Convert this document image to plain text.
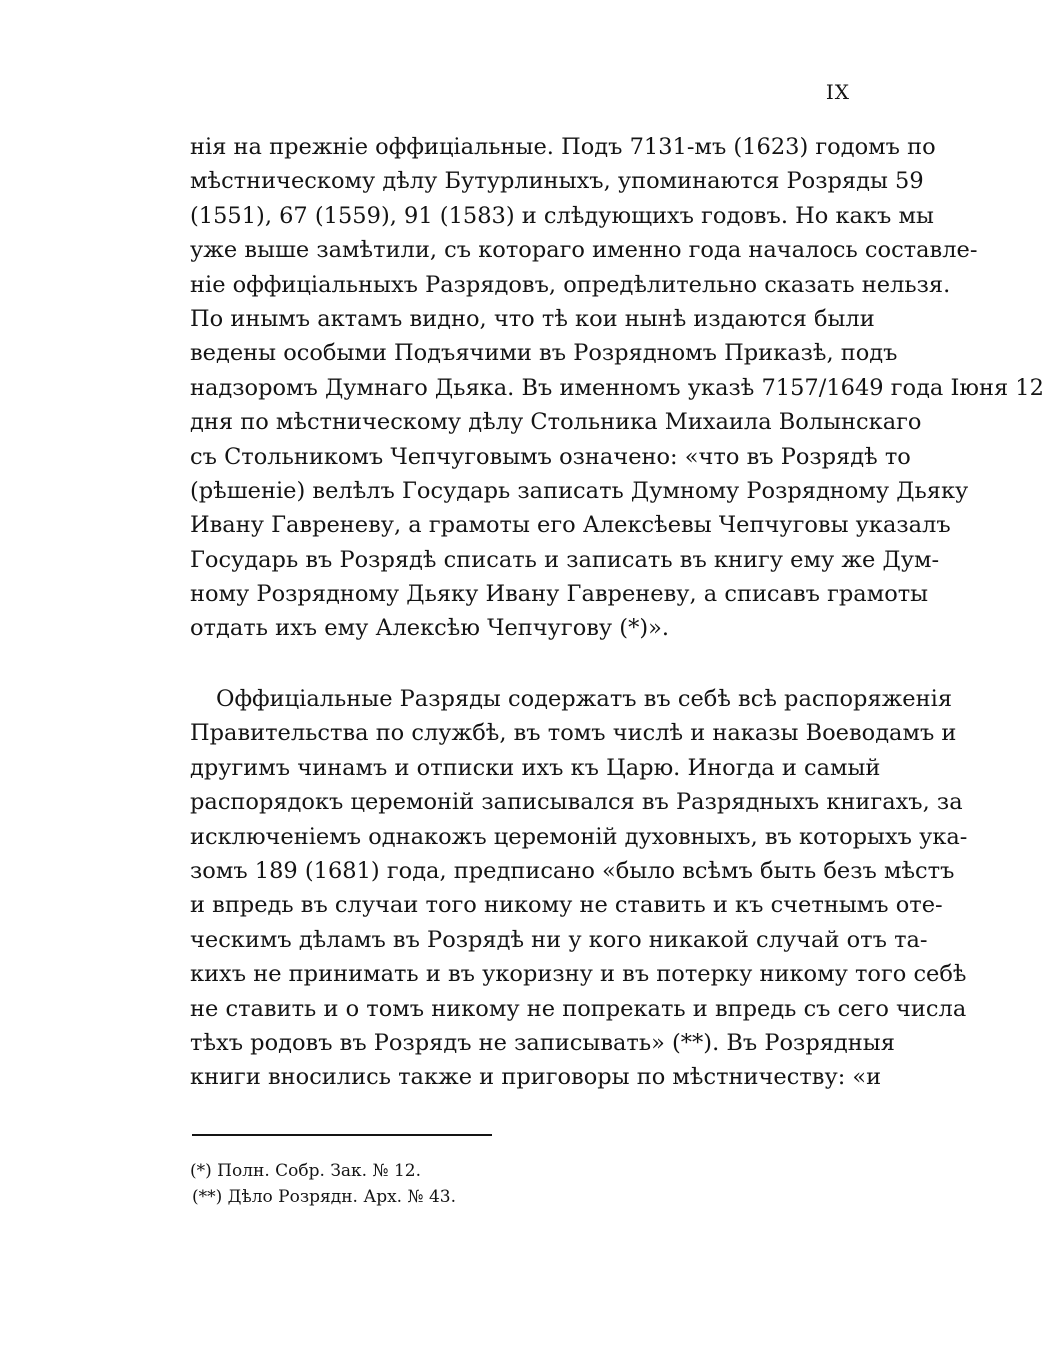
IX
нія на прежніе оффиціальные. Подъ 7131-мъ (1623) годомъ по
мѣстническому дѣлу Бутурлиныхъ, упоминаются Розряды 59
(1551), 67 (1559), 91 (1583) и слѣдующихъ годовъ. Но какъ мы
уже выше замѣтили, съ котораго именно года началось составле-
ніе оффиціальныхъ Разрядовъ, опредѣлительно сказать нельзя.
По инымъ актамъ видно, что тѣ кои нынѣ издаются были
ведены особыми Подъячими въ Розрядномъ Приказѣ, подъ
надзоромъ Думнаго Дьяка. Въ именномъ указѣ 7157/1649 года Іюня 12
дня по мѣстническому дѣлу Стольника Михаила Волынскаго
съ Стольникомъ Чепчуговымъ означено: «что въ Розрядѣ то
(рѣшеніе) велѣлъ Государь записать Думному Розрядному Дьяку
Ивану Гавреневу, а грамоты его Алексѣевы Чепчуговы указалъ
Государь въ Розрядѣ списать и записать въ книгу ему же Дум-
ному Розрядному Дьяку Ивану Гавреневу, а списавъ грамоты
отдать ихъ ему Алексѣю Чепчугову (*)».
Оффиціальные Разряды содержатъ въ себѣ всѣ распоряженія
Правительства по службѣ, въ томъ числѣ и наказы Воеводамъ и
другимъ чинамъ и отписки ихъ къ Царю. Иногда и самый
распорядокъ церемоній записывался въ Разрядныхъ книгахъ, за
исключеніемъ однакожъ церемоній духовныхъ, въ которыхъ ука-
зомъ 189 (1681) года, предписано «было всѣмъ быть безъ мѣстъ
и впредь въ случаи того никому не ставить и къ счетнымъ оте-
ческимъ дѣламъ въ Розрядѣ ни у кого никакой случай отъ та-
кихъ не принимать и въ укоризну и въ потерку никому того себѣ
не ставить и о томъ никому не попрекать и впредь съ сего числа
тѣхъ родовъ въ Розрядъ не записывать» (**). Въ Розрядныя
книги вносились также и приговоры по мѣстничеству: «и
(*) Полн. Собр. Зак. № 12.
(**) Дѣло Розрядн. Арх. № 43.
